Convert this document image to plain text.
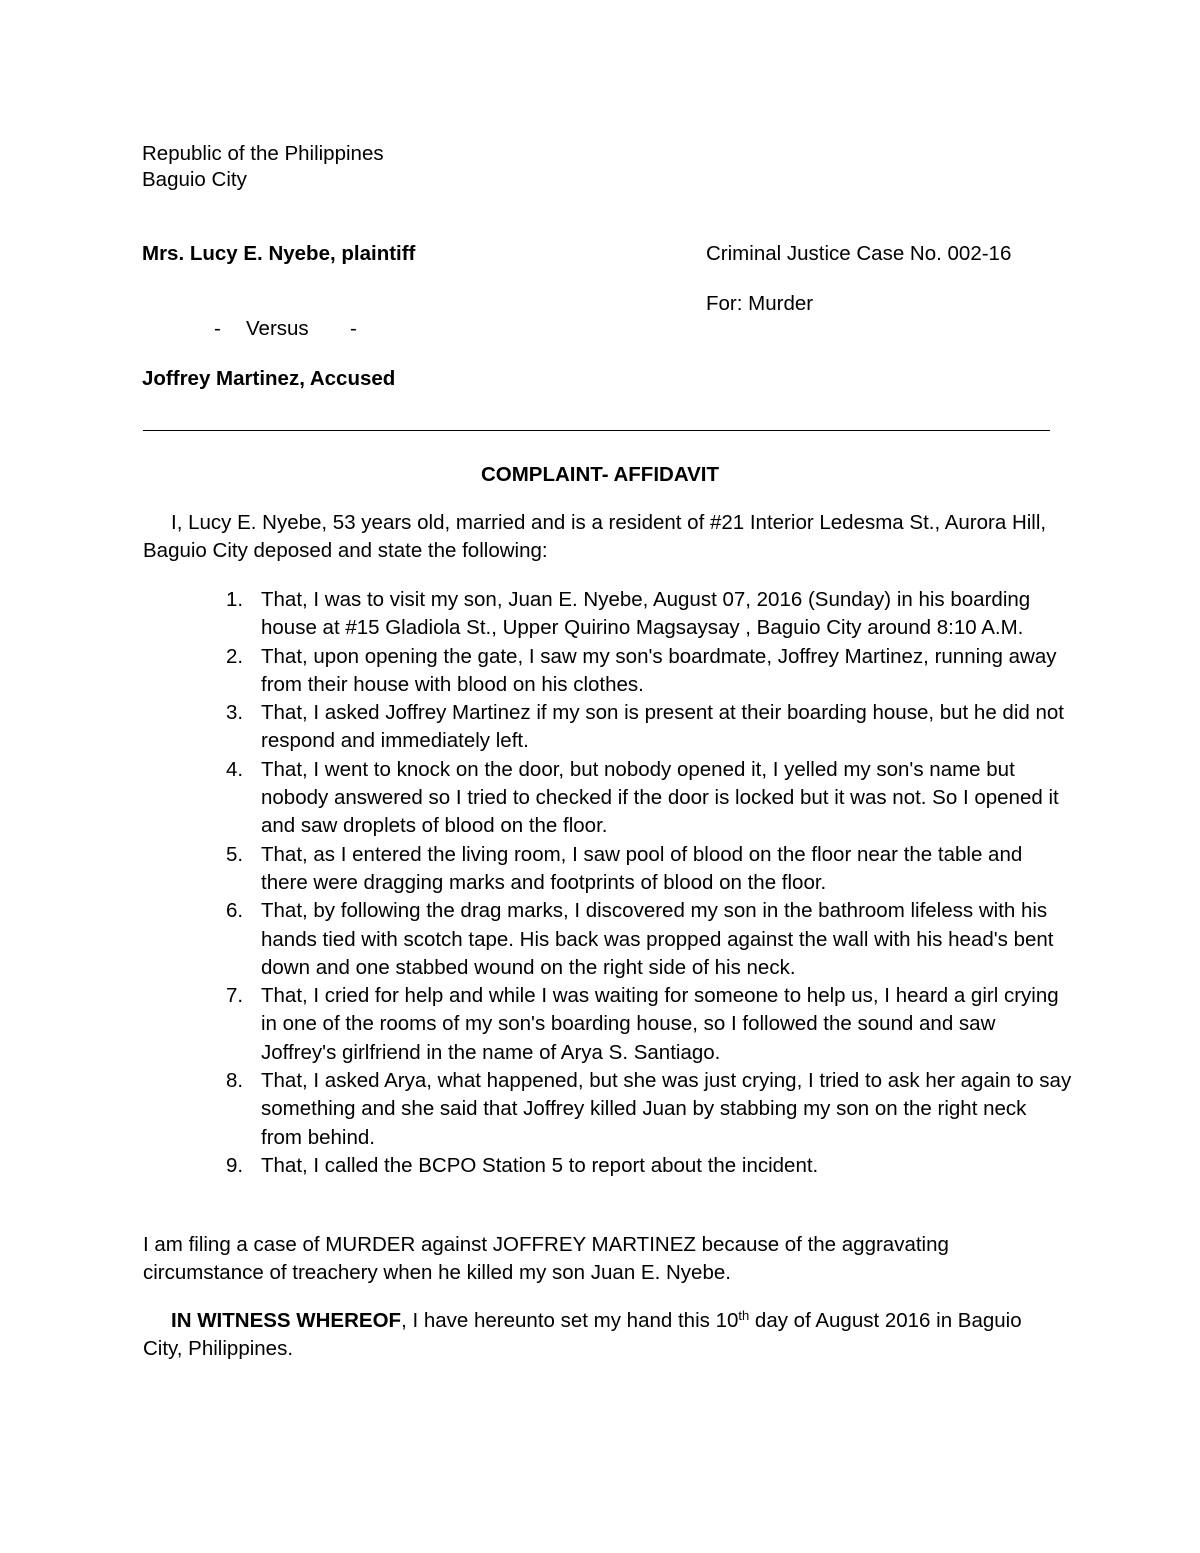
Republic of the Philippines
Baguio City
Mrs. Lucy E. Nyebe, plaintiff	Criminal Justice Case No. 002-16
For: Murder
- Versus -
Joffrey Martinez, Accused
COMPLAINT- AFFIDAVIT
I, Lucy E. Nyebe, 53 years old, married and is a resident of #21 Interior Ledesma St., Aurora Hill, Baguio City deposed and state the following:
1. That, I was to visit my son, Juan E. Nyebe, August 07, 2016 (Sunday) in his boarding house at #15 Gladiola St., Upper Quirino Magsaysay , Baguio City around 8:10 A.M.
2. That, upon opening the gate, I saw my son's boardmate, Joffrey Martinez, running away from their house with blood on his clothes.
3. That, I asked Joffrey Martinez if my son is present at their boarding house, but he did not respond and immediately left.
4. That, I went to knock on the door, but nobody opened it, I yelled my son's name but nobody answered so I tried to checked if the door is locked but it was not. So I opened it and saw droplets of blood on the floor.
5. That, as I entered the living room, I saw pool of blood on the floor near the table and there were dragging marks and footprints of blood on the floor.
6. That, by following the drag marks, I discovered my son in the bathroom lifeless with his hands tied with scotch tape. His back was propped against the wall with his head's bent down and one stabbed wound on the right side of his neck.
7. That, I cried for help and while I was waiting for someone to help us, I heard a girl crying in one of the rooms of my son's boarding house, so I followed the sound and saw Joffrey's girlfriend in the name of Arya S. Santiago.
8. That, I asked Arya, what happened, but she was just crying, I tried to ask her again to say something and she said that Joffrey killed Juan by stabbing my son on the right neck from behind.
9. That, I called the BCPO Station 5 to report about the incident.
I am filing a case of MURDER against JOFFREY MARTINEZ because of the aggravating circumstance of treachery when he killed my son Juan E. Nyebe.
IN WITNESS WHEREOF, I have hereunto set my hand this 10th day of August 2016 in Baguio City, Philippines.
